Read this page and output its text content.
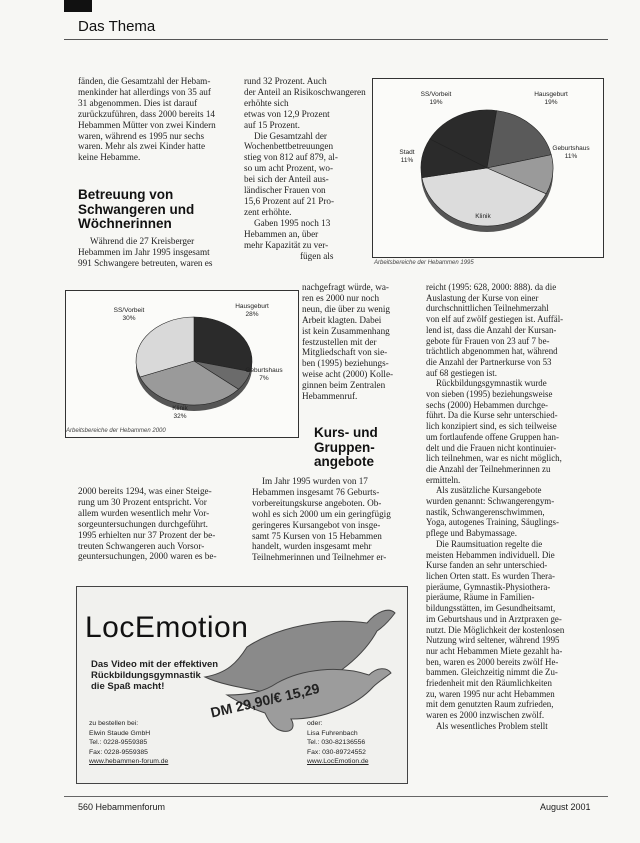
Das Thema

fänden, die Gesamtzahl der Hebam-

menkinder hat allerdings von 35 auf

31 abgenommen. Dies ist darauf

zurückzuführen, dass 2000 bereits 14

Hebammen Mütter von zwei Kindern

waren, während es 1995 nur sechs

waren. Mehr als zwei Kinder hatte

keine Hebamme.

Betreuung von
Schwangeren und
Wöchnerinnen

Während die 27 Kreisberger

Hebammen im Jahr 1995 insgesamt

991 Schwangere betreuten, waren es

rund 32 Prozent. Auch

der Anteil an Risikoschwangeren

erhöhte sich

etwas von 12,9 Prozent

auf 15 Prozent.

Die Gesamtzahl der

Wochenbettbetreuungen

stieg von 812 auf 879, al-

so um acht Prozent, wo-

bei sich der Anteil aus-

ländischer Frauen von

15,6 Prozent auf 21 Pro-

zent erhöhte.

Gaben 1995 noch 13

Hebammen an, über

mehr Kapazität zu ver-

fügen als

SS/Vorbeit
19%
Hausgeburt
19%
Geburtshaus
11%
Klinik

Stadt
11%
Arbeitsbereiche der Hebammen 1995
SS/Vorbeit
30%
Hausgeburt
28%
Geburtshaus
7%
Klinik
32%
Arbeitsbereiche der Hebammen 2000

nachgefragt würde, wa-

ren es 2000 nur noch

neun, die über zu wenig

Arbeit klagten. Dabei

ist kein Zusammenhang

festzustellen mit der

Mitgliedschaft von sie-

ben (1995) beziehungs-

weise acht (2000) Kolle-

ginnen beim Zentralen

Hebammenruf.

Kurs- und
Gruppen-
angebote

2000 bereits 1294, was einer Steige-

rung um 30 Prozent entspricht. Vor

allem wurden wesentlich mehr Vor-

sorgeuntersuchungen durchgeführt.

1995 erhielten nur 37 Prozent der be-

treuten Schwangeren auch Vorsor-

geuntersuchungen, 2000 waren es be-

Im Jahr 1995 wurden von 17

Hebammen insgesamt 76 Geburts-

vorbereitungskurse angeboten. Ob-

wohl es sich 2000 um ein geringfügig

geringeres Kursangebot von insge-

samt 75 Kursen von 15 Hebammen

handelt, wurden insgesamt mehr

Teilnehmerinnen und Teilnehmer er-

reicht (1995: 628, 2000: 888). da die

Auslastung der Kurse von einer

durchschnittlichen Teilnehmerzahl

von elf auf zwölf gestiegen ist. Auffäl-

lend ist, dass die Anzahl der Kursan-

gebote für Frauen von 23 auf 7 be-

trächtlich abgenommen hat, während

die Anzahl der Partnerkurse von 53

auf 68 gestiegen ist.

Rückbildungsgymnastik wurde

von sieben (1995) beziehungsweise

sechs (2000) Hebammen durchge-

führt. Da die Kurse sehr unterschied-

lich konzipiert sind, es sich teilweise

um fortlaufende offene Gruppen han-

delt und die Frauen nicht kontinuier-

lich teilnehmen, war es nicht möglich,

die Anzahl der Teilnehmerinnen zu

ermitteln.

Als zusätzliche Kursangebote

wurden genannt: Schwangerengym-

nastik, Schwangerenschwimmen,

Yoga, autogenes Training, Säuglings-

pflege und Babymassage.

Die Raumsituation regelte die

meisten Hebammen individuell. Die

Kurse fanden an sehr unterschied-

lichen Orten statt. Es wurden Thera-

pieräume, Gymnastik-Physiothera-

pieräume, Räume in Familien-

bildungsstätten, im Gesundheitsamt,

im Geburtshaus und in Arztpraxen ge-

nutzt. Die Möglichkeit der kostenlosen

Nutzung wird seltener, während 1995

nur acht Hebammen Miete gezahlt ha-

ben, waren es 2000 bereits zwölf He-

bammen. Gleichzeitig nimmt die Zu-

friedenheit mit den Räumlichkeiten

zu, waren 1995 nur acht Hebammen

mit dem genutzten Raum zufrieden,

waren es 2000 inzwischen zwölf.

Als wesentliches Problem stellt

LocEmotion
Das Video mit der effektiven
Rückbildungsgymnastik
die Spaß macht!	DM 29,90/€ 15,29
zu bestellen bei:
Elwin Staude GmbH
Tel.: 0228-9559385
Fax: 0228-9559385
www.hebammen-forum.de
oder:
Lisa Fuhrenbach
Tel.: 030-82136556
Fax: 030-89724552
www.LocEmotion.de
560 Hebammenforum	August 2001
